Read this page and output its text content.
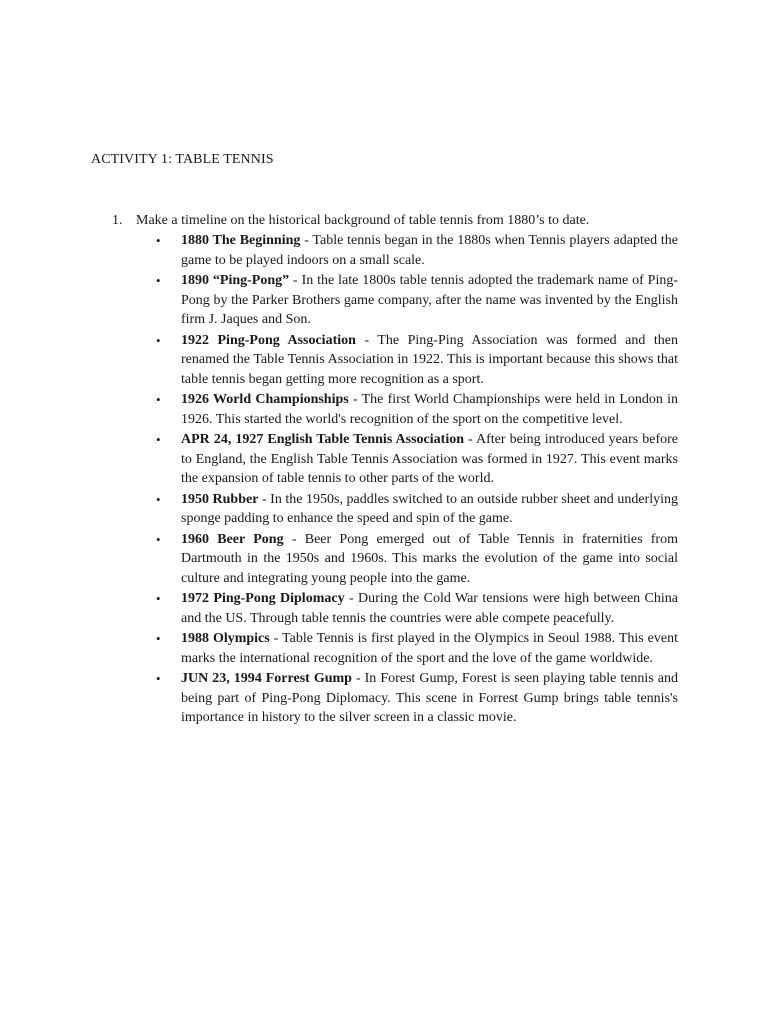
ACTIVITY 1: TABLE TENNIS
1. Make a timeline on the historical background of table tennis from 1880’s to date.
• 1880 The Beginning - Table tennis began in the 1880s when Tennis players adapted the game to be played indoors on a small scale.
• 1890 “Ping-Pong” - In the late 1800s table tennis adopted the trademark name of Ping-Pong by the Parker Brothers game company, after the name was invented by the English firm J. Jaques and Son.
• 1922 Ping-Pong Association - The Ping-Ping Association was formed and then renamed the Table Tennis Association in 1922. This is important because this shows that table tennis began getting more recognition as a sport.
• 1926 World Championships - The first World Championships were held in London in 1926. This started the world's recognition of the sport on the competitive level.
• APR 24, 1927 English Table Tennis Association - After being introduced years before to England, the English Table Tennis Association was formed in 1927. This event marks the expansion of table tennis to other parts of the world.
• 1950 Rubber - In the 1950s, paddles switched to an outside rubber sheet and underlying sponge padding to enhance the speed and spin of the game.
• 1960 Beer Pong - Beer Pong emerged out of Table Tennis in fraternities from Dartmouth in the 1950s and 1960s. This marks the evolution of the game into social culture and integrating young people into the game.
• 1972 Ping-Pong Diplomacy - During the Cold War tensions were high between China and the US. Through table tennis the countries were able compete peacefully.
• 1988 Olympics - Table Tennis is first played in the Olympics in Seoul 1988. This event marks the international recognition of the sport and the love of the game worldwide.
• JUN 23, 1994 Forrest Gump - In Forest Gump, Forest is seen playing table tennis and being part of Ping-Pong Diplomacy. This scene in Forrest Gump brings table tennis's importance in history to the silver screen in a classic movie.
